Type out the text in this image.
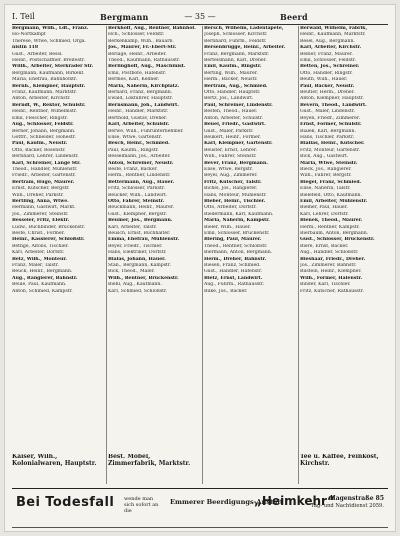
I. Teil	Bergmann	— 35 —	Beerd
Bergmann, Wilh., Ldt., Franz.
Ho-Nortkampf
Therese, Wtwe, Schmied, Orga.
nistin 118
Gust., Arbeiter, Bessl.
Heinr., Postschaffner. Breitestr.
Willh., Arbeiter, Sterkrader Str.
Bergmann, Kaufmann, Birkenf.
Maria, Ehefrau, Bahnhofstr.
Bernh., Klempner, Hauptstr.
Franz, Kaufmann, Marktstr.
Anton, Arbeiter, Kirchstr.
Berndt, W., Rektor, Schulstr.
Heinr., Rentner, Wilhelmstr.
Emil, Fleischer, Ringstr.
Aug., Schlosser, Feldstr.
Berner, Johann, Bergmann.
Gottfr., Schneider, Hohestr.
Paul, Kaufm., Neustr.
Otto, Bäcker, Rosenstr.
Bernhard, Lehrer, Lindenstr.
Karl, Schreiner, Lange Str.
Theod., Händler, Mühlenstr.
Friedr., Arbeiter, Gartenstr.
Bertram, Hugo, Maurer.
Ernst, Kutscher, Bergstr.
Wilh., Dreher, Parkstr.
Bertling, Anna, Wtwe.
Hermann, Gastwirt, Markt.
Jos., Zimmerer, Steinstr.
Besseler, Fritz, Elektr.
Ludw., Buchbinder, Brückenstr.
Beste, Christ., Former.
Heinr., Kassierer, Schloßstr.
Bethge, Alfons, Tischler.
Karl, Arbeiter, Dorfstr.
Betz, Wilh., Monteur.
Franz, Maler, Talstr.
Beuck, Heinr., Bergmann.
Aug., Rangierer, Bahnstr.
Beule, Paul, Kaufmann.
Anton, Schmied, Kampstr.
Berkhoff, Aug., Rentner, Bahnhof.
Hch., Schlosser, Feldstr.
Berkenkamp, Wilh., Bauarb.
Jos., Maurer, Fr.-Ebert-Str.
Berlage, Heinr., Arbeiter.
Theod., Kaufmann, Rathausstr.
Berlinghoff, Aug., Maschinist.
Emil, Postbote, Hafenstr.
Bermes, Karl, Kellner.
Maria, Näherin, Kirchplatz.
Bernard, Franz, Bergmann.
Ewald, Lokführer, Hauptstr.
Bernsmann, Joh., Landwirt.
Heinr., Händler, Marktstr.
Berthold, Gustav, Dreher.
Karl, Arbeiter, Schulstr.
Berwe, Wilh., Fuhrunternehmer.
Elise, Wtwe, Gartenstr.
Besch, Heinr., Schmied.
Paul, Kaufm., Ringstr.
Besselmann, Jos., Arbeiter.
Anton, Schreiner, Neustr.
Beste, Franz, Bäcker.
Herm., Rentner, Lindenstr.
Bettermann, Aug., Hauer.
Fritz, Schlosser, Parkstr.
Beucker, Wilh., Landwirt.
Otto, Fahrer, Steinstr.
Beuckmann, Heinr., Maurer.
Gust., Klempner, Bergstr.
Beumer, Jos., Bergmann.
Karl, Arbeiter, Talstr.
Beusch, Ernst, Buchhalter.
Emma, Ehefrau, Mühlenstr.
Beyer, Friedr., Tischler.
Hans, Elektriker, Dorfstr.
Bialas, Johann, Hauer.
Stan., Bergmann, Kampstr.
Bick, Theod., Maler.
Wilh., Rentner, Brückenstr.
Biehl, Aug., Kaufmann.
Karl, Schmied, Schloßstr.
Bersch, Wilhelm, Ladentapete,
Joseph, Schlosser, Kirchstr.
Bernhard, Fuhrm., Feldstr.
Bersenbrügge, Heinr., Arbeiter.
Franz, Bergmann, Marktstr.
Bertelsmann, Karl, Dreher.
Emil, Kaufm., Ringstr.
Berting, Wilh., Maurer.
Herm., Bäcker, Neustr.
Bertram, Aug., Schmied.
Otto, Händler, Hauptstr.
Bertz, Jos., Landwirt.
Paul, Schreiner, Lindenstr.
Besten, Theod., Hauer.
Anton, Arbeiter, Schulstr.
Beuel, Friedr., Gastwirt.
Gust., Maler, Parkstr.
Beukert, Heinr., Former.
Karl, Klempner, Gartenstr.
Beuster, Ernst, Lehrer.
Wilh., Fahrer, Steinstr.
Bever, Franz, Bergmann.
Elise, Wtwe, Bergstr.
Beyel, Aug., Zimmerer.
Fritz, Kutscher, Talstr.
Bichel, Jos., Rangierer.
Hans, Monteur, Mühlenstr.
Bieber, Heinr., Tischler.
Otto, Arbeiter, Dorfstr.
Biedermann, Karl, Kaufmann.
Maria, Näherin, Kampstr.
Bieler, Wilh., Hauer.
Emil, Schlosser, Brückenstr.
Biering, Paul, Maurer.
Theod., Rentner, Schloßstr.
Biermann, Anton, Bergmann.
Herm., Dreher, Bahnstr.
Biesen, Franz, Schmied.
Gust., Händler, Hafenstr.
Bietz, Ernst, Landwirt.
Aug., Fuhrm., Rathausstr.
Bilke, Jos., Bäcker.
Berwald, Wilhelm, Fabrik,
Heinr., Kaufmann, Marktstr.
Besel, Aug., Bergmann.
Karl, Arbeiter, Kirchstr.
Beßler, Franz, Maurer.
Emil, Schlosser, Feldstr.
Betten, Jos., Schreiner.
Otto, Händler, Ringstr.
Beuth, Wilh., Hauer.
Paul, Bäcker, Neustr.
Beutler, Herm., Dreher.
Anton, Klempner, Hauptstr.
Bevern, Theod., Landwirt.
Gust., Maler, Lindenstr.
Beyen, Friedr., Zimmerer.
Ernst, Former, Schulstr.
Bialek, Karl, Bergmann.
Hans, Tischler, Parkstr.
Biallas, Heinr., Kutscher.
Fritz, Monteur, Gartenstr.
Bick, Aug., Gastwirt.
Maria, Wtwe, Steinstr.
Bieck, Jos., Rangierer.
Wilh., Fahrer, Bergstr.
Biegel, Franz, Schmied.
Elise, Näherin, Talstr.
Bielefeld, Otto, Kaufmann.
Emil, Arbeiter, Mühlenstr.
Biemer, Paul, Hauer.
Karl, Lehrer, Dorfstr.
Bienek, Theod., Maurer.
Herm., Rentner, Kampstr.
Bierbaum, Anton, Bergmann.
Gust., Schlosser, Brückenstr.
Biere, Ernst, Bäcker.
Aug., Händler, Schloßstr.
Bieshaar, Friedr., Dreher.
Jos., Zimmerer, Bahnstr.
Bilstein, Heinr., Klempner.
Wilh., Former, Hafenstr.
Binder, Karl, Tischler.
Fritz, Kutscher, Rathausstr.
Kaiser, Wilh., Kolonialwaren, Hauptstr.
Best. Möbel, Zimmerfabrik, Marktstr.
Tee u. Kaffee, Feinkost, Kirchstr.
Bei Todesfall wende man sich sofort an die
Emmerer Beerdigungs-Anstalt
„Heimkehr“
Hagenstraße 85
Tag- und Nachtdienst 2059.
